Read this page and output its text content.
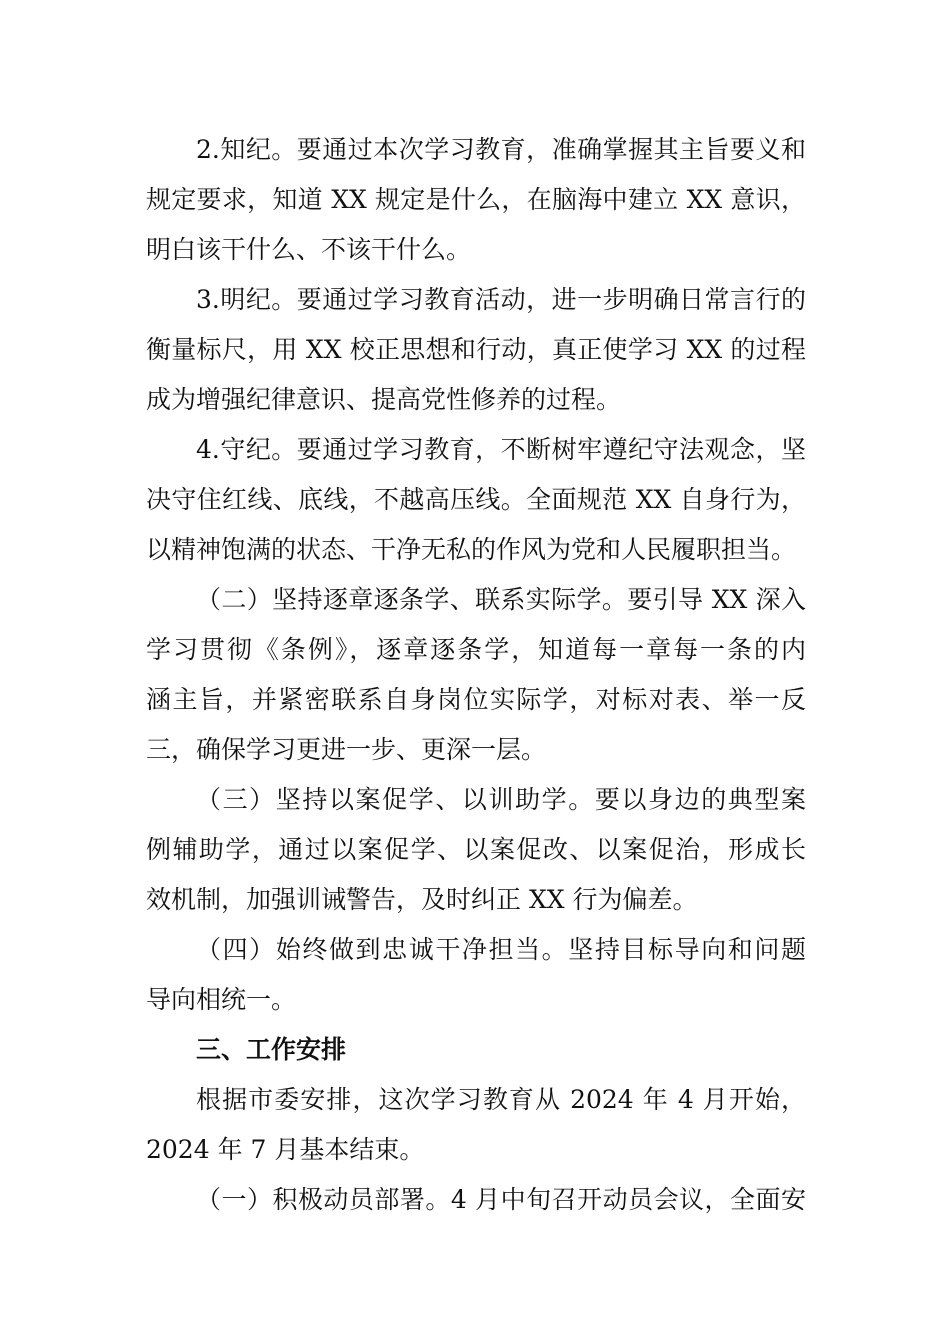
2.知纪。要通过本次学习教育，准确掌握其主旨要义和
规定要求，知道 XX 规定是什么，在脑海中建立 XX 意识，
明白该干什么、不该干什么。
3.明纪。要通过学习教育活动，进一步明确日常言行的
衡量标尺，用 XX 校正思想和行动，真正使学习 XX 的过程
成为增强纪律意识、提高党性修养的过程。
4.守纪。要通过学习教育，不断树牢遵纪守法观念，坚
决守住红线、底线，不越高压线。全面规范 XX 自身行为，
以精神饱满的状态、干净无私的作风为党和人民履职担当。
（二）坚持逐章逐条学、联系实际学。要引导 XX 深入
学习贯彻《条例》，逐章逐条学，知道每一章每一条的内
涵主旨，并紧密联系自身岗位实际学，对标对表、举一反
三，确保学习更进一步、更深一层。
（三）坚持以案促学、以训助学。要以身边的典型案
例辅助学，通过以案促学、以案促改、以案促治，形成长
效机制，加强训诫警告，及时纠正 XX 行为偏差。
（四）始终做到忠诚干净担当。坚持目标导向和问题
导向相统一。
三、工作安排
根据市委安排，这次学习教育从 2024 年 4 月开始，
2024 年 7 月基本结束。
（一）积极动员部署。4 月中旬召开动员会议，全面安
